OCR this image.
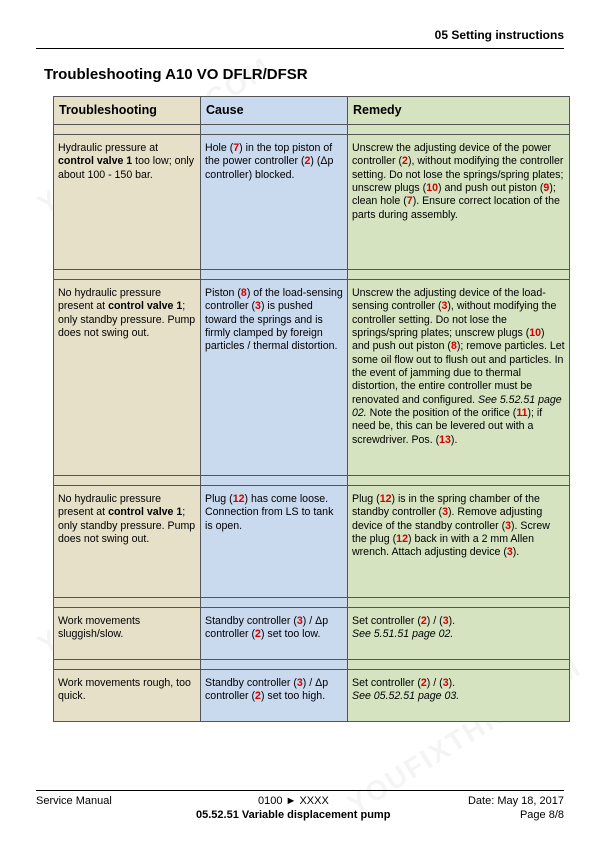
05 Setting instructions
Troubleshooting A10 VO DFLR/DFSR
Troubleshooting	Cause	Remedy

Hydraulic pressure at control valve 1 too low; only about 100 - 150 bar.	Hole (7) in the top piston of the power controller (2) (Δp controller) blocked.	Unscrew the adjusting device of the power controller (2), without modifying the controller setting. Do not lose the springs/spring plates; unscrew plugs (10) and push out piston (9); clean hole (7). Ensure correct location of the parts during assembly.

No hydraulic pressure present at control valve 1; only standby pressure. Pump does not swing out.	Piston (8) of the load-sensing controller (3) is pushed toward the springs and is firmly clamped by foreign particles / thermal distortion.	Unscrew the adjusting device of the load-sensing controller (3), without modifying the controller setting. Do not lose the springs/spring plates; unscrew plugs (10) and push out piston (8); remove particles. Let some oil flow out to flush out and particles. In the event of jamming due to thermal distortion, the entire controller must be renovated and configured. See 5.52.51 page 02. Note the position of the orifice (11); if need be, this can be levered out with a screwdriver. Pos. (13).

No hydraulic pressure present at control valve 1; only standby pressure. Pump does not swing out.	Plug (12) has come loose. Connection from LS to tank is open.	Plug (12) is in the spring chamber of the standby controller (3). Remove adjusting device of the standby controller (3). Screw the plug (12) back in with a 2 mm Allen wrench. Attach adjusting device (3).

Work movements sluggish/slow.	Standby controller (3) / Δp controller (2) set too low.	Set controller (2) / (3).
See 5.51.51 page 02.

Work movements rough, too quick.	Standby controller (3) / Δp controller (2) set too high.	Set controller (2) / (3).
See 05.52.51 page 03.
Service Manual	0100 ► XXXX
05.52.51 Variable displacement pump
Date: May 18, 2017
Page 8/8
